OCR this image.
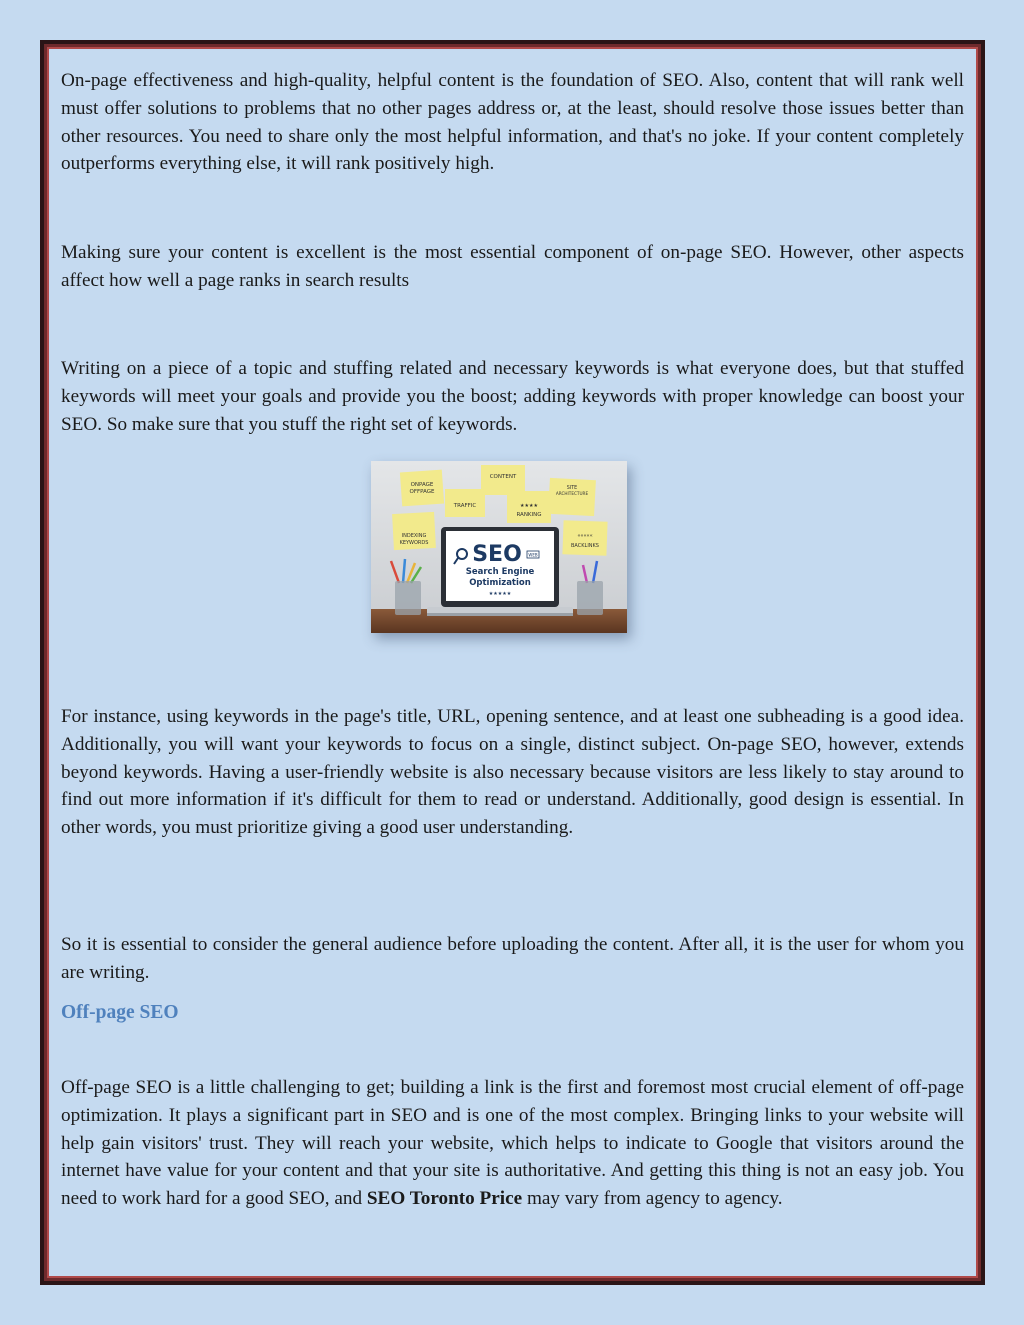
On-page effectiveness and high-quality, helpful content is the foundation of SEO. Also, content that will rank well must offer solutions to problems that no other pages address or, at the least, should resolve those issues better than other resources. You need to share only the most helpful information, and that's no joke. If your content completely outperforms everything else, it will rank positively high.

Making sure your content is excellent is the most essential component of on-page SEO. However, other aspects affect how well a page ranks in search results

Writing on a piece of a topic and stuffing related and necessary keywords is what everyone does, but that stuffed keywords will meet your goals and provide you the boost; adding keywords with proper knowledge can boost your SEO. So make sure that you stuff the right set of keywords.

ONPAGE
OFFPAGE
CONTENT
TRAFFIC	★★★★
RANKING
SITE
ARCHITECTURE
INDEXING
KEYWORDS
«««««
BACKLINKS
SEO WEB
Search Engine
Optimization
★★★★★

For instance, using keywords in the page's title, URL, opening sentence, and at least one subheading is a good idea. Additionally, you will want your keywords to focus on a single, distinct subject. On-page SEO, however, extends beyond keywords. Having a user-friendly website is also necessary because visitors are less likely to stay around to find out more information if it's difficult for them to read or understand. Additionally, good design is essential. In other words, you must prioritize giving a good user understanding.

So it is essential to consider the general audience before uploading the content. After all, it is the user for whom you are writing.

Off-page SEO

Off-page SEO is a little challenging to get; building a link is the first and foremost most crucial element of off-page optimization. It plays a significant part in SEO and is one of the most complex. Bringing links to your website will help gain visitors' trust. They will reach your website, which helps to indicate to Google that visitors around the internet have value for your content and that your site is authoritative. And getting this thing is not an easy job. You need to work hard for a good SEO, and SEO Toronto Price may vary from agency to agency.
